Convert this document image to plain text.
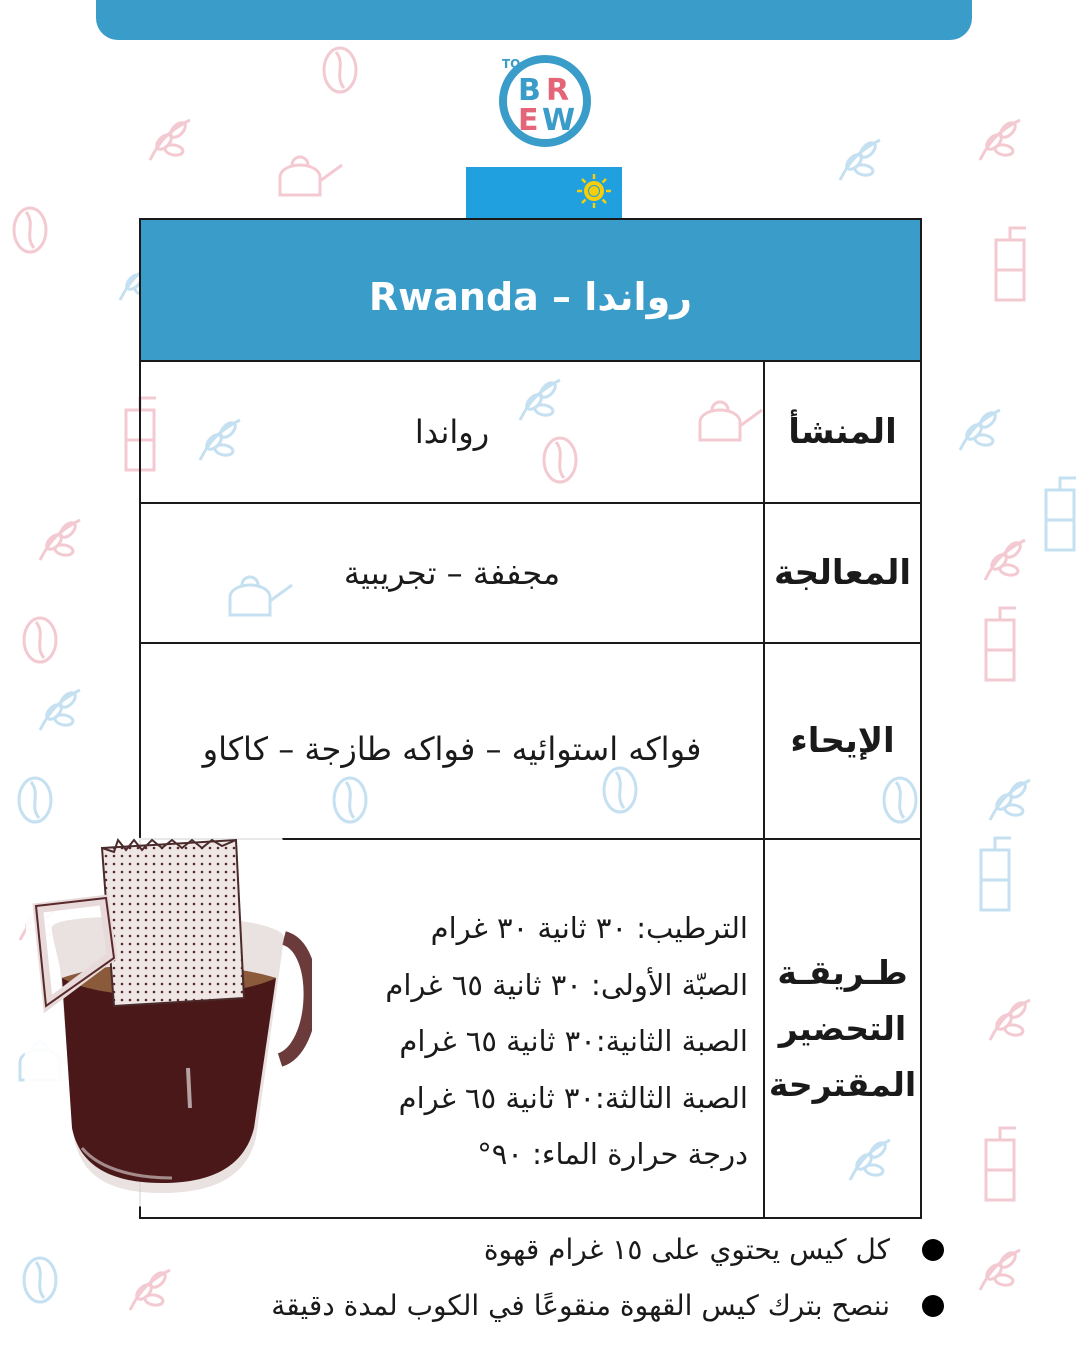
TO
B R
E W
Rwanda – رواندا
المنشأ
رواندا
المعالجة
مجففة – تجريبية
الإيحاء
فواكه استوائيه – فواكه طازجة – كاكاو
طـريقـة
التحضير
المقترحة
الترطيب: ٣٠ ثانية ٣٠ غرام
الصبّة الأولى: ٣٠ ثانية ٦٥ غرام
الصبة الثانية:٣٠ ثانية ٦٥ غرام
الصبة الثالثة:٣٠ ثانية ٦٥ غرام
درجة حرارة الماء: ٩٠°
كل كيس يحتوي على ١٥ غرام قهوة
ننصح بترك كيس القهوة منقوعًا في الكوب لمدة دقيقة
